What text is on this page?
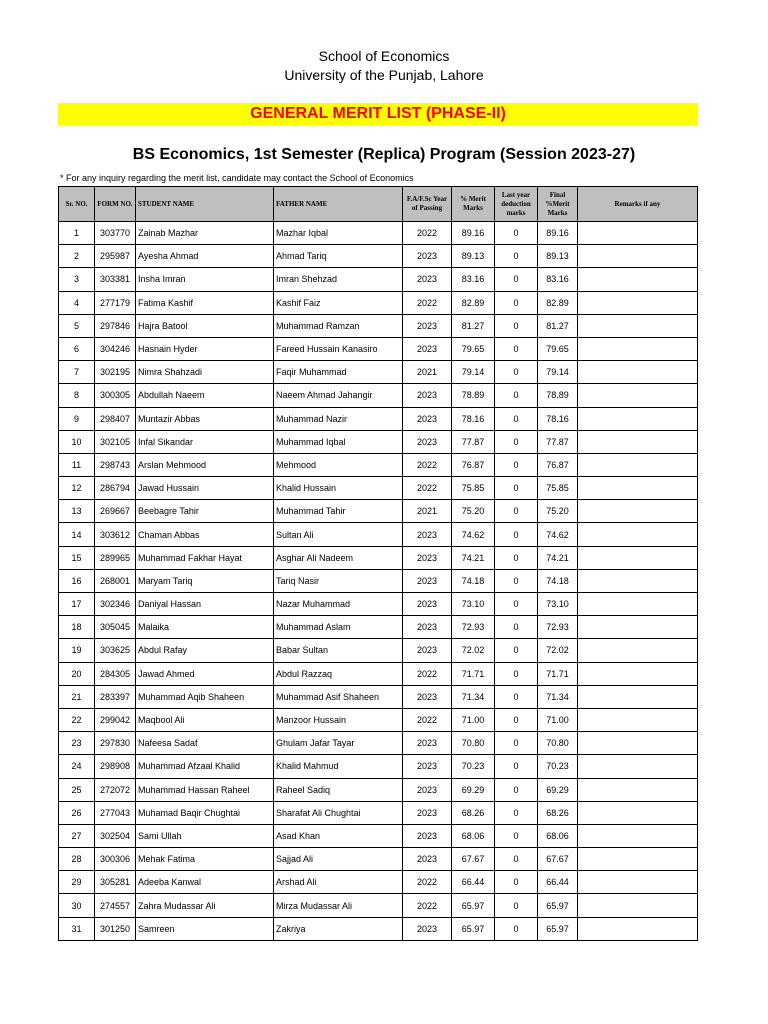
School of Economics
University of the Punjab, Lahore
GENERAL MERIT LIST (PHASE-II)
BS Economics, 1st Semester (Replica) Program (Session 2023-27)
* For any inquiry regarding the merit list, candidate may contact the School of Economics
Sr. NO.	FORM NO.	STUDENT NAME	FATHER NAME	F.A/F.Sc Year of Passing	% Merit Marks	Last year deduction marks	Final %Merit Marks	Remarks if any
1	303770	Zainab Mazhar	Mazhar Iqbal	2022	89.16	0	89.16	
2	295987	Ayesha Ahmad	Ahmad Tariq	2023	89.13	0	89.13	
3	303381	Insha Imran	Imran Shehzad	2023	83.16	0	83.16	
4	277179	Fatima Kashif	Kashif Faiz	2022	82.89	0	82.89	
5	297846	Hajra Batool	Muhammad Ramzan	2023	81.27	0	81.27	
6	304246	Hasnain Hyder	Fareed Hussain Kanasiro	2023	79.65	0	79.65	
7	302195	Nimra Shahzadi	Faqir Muhammad	2021	79.14	0	79.14	
8	300305	Abdullah Naeem	Naeem Ahmad Jahangir	2023	78.89	0	78.89	
9	298407	Muntazir Abbas	Muhammad Nazir	2023	78.16	0	78.16	
10	302105	Infal Sikandar	Muhammad Iqbal	2023	77.87	0	77.87	
11	298743	Arslan Mehmood	Mehmood	2022	76.87	0	76.87	
12	286794	Jawad Hussain	Khalid Hussain	2022	75.85	0	75.85	
13	269667	Beebagre Tahir	Muhammad Tahir	2021	75.20	0	75.20	
14	303612	Chaman Abbas	Sultan Ali	2023	74.62	0	74.62	
15	289965	Muhammad Fakhar Hayat	Asghar Ali Nadeem	2023	74.21	0	74.21	
16	268001	Maryam Tariq	Tariq Nasir	2023	74.18	0	74.18	
17	302346	Daniyal Hassan	Nazar Muhammad	2023	73.10	0	73.10	
18	305045	Malaika	Muhammad Aslam	2023	72.93	0	72.93	
19	303625	Abdul Rafay	Babar Sultan	2023	72.02	0	72.02	
20	284305	Jawad Ahmed	Abdul Razzaq	2022	71.71	0	71.71	
21	283397	Muhammad Aqib Shaheen	Muhammad Asif Shaheen	2023	71.34	0	71.34	
22	299042	Maqbool Ali	Manzoor Hussain	2022	71.00	0	71.00	
23	297830	Nafeesa Sadaf	Ghulam Jafar Tayar	2023	70.80	0	70.80	
24	298908	Muhammad Afzaal Khalid	Khalid Mahmud	2023	70.23	0	70.23	
25	272072	Muhammad Hassan Raheel	Raheel Sadiq	2023	69.29	0	69.29	
26	277043	Muhamad Baqir Chughtai	Sharafat Ali Chughtai	2023	68.26	0	68.26	
27	302504	Sami Ullah	Asad Khan	2023	68.06	0	68.06	
28	300306	Mehak Fatima	Sajjad Ali	2023	67.67	0	67.67	
29	305281	Adeeba Kanwal	Arshad Ali	2022	66.44	0	66.44	
30	274557	Zahra Mudassar Ali	Mirza Mudassar Ali	2022	65.97	0	65.97	
31	301250	Samreen	Zakriya	2023	65.97	0	65.97	
